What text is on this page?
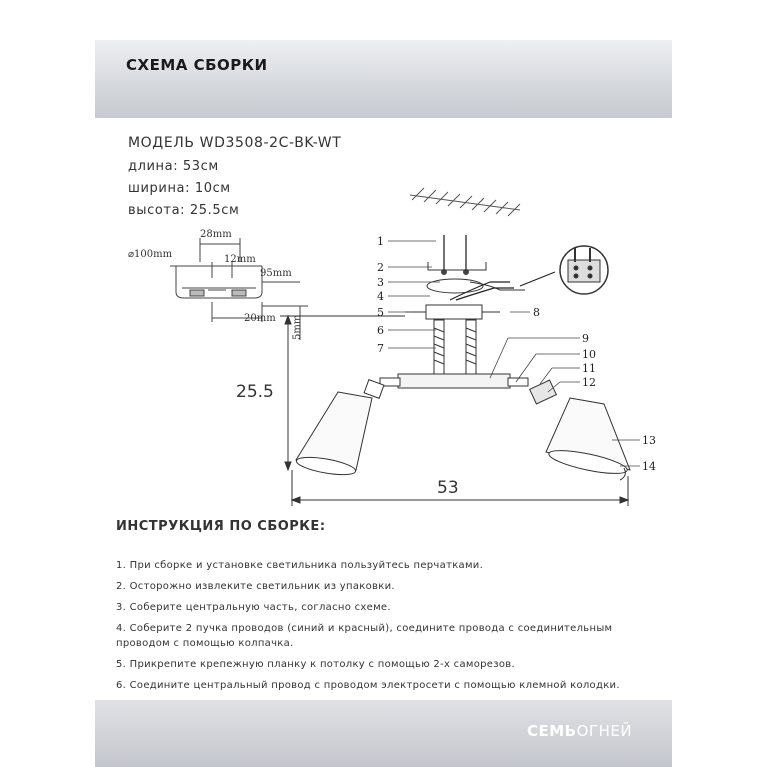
СХЕМА СБОРКИ
МОДЕЛЬ WD3508-2C-BK-WT
длина: 53см
ширина: 10см
высота: 25.5см
⌀100mm
28mm
12mm
95mm
20mm 5mm
25.5
53
1
2
3
4
5
6
7
8
9
10
11
12
13
14
ИНСТРУКЦИЯ ПО СБОРКЕ:
1. При сборке и установке светильника пользуйтесь перчатками.
2. Осторожно извлеките светильник из упаковки.
3. Соберите центральную часть, согласно схеме.
4. Соберите 2 пучка проводов (синий и красный), соедините провода с соединительным
проводом с помощью колпачка.
5. Прикрепите крепежную планку к потолку с помощью 2-х саморезов.
6. Соедините центральный провод с проводом электросети с помощью клемной колодки.
СЕМЬОГНЕЙ
